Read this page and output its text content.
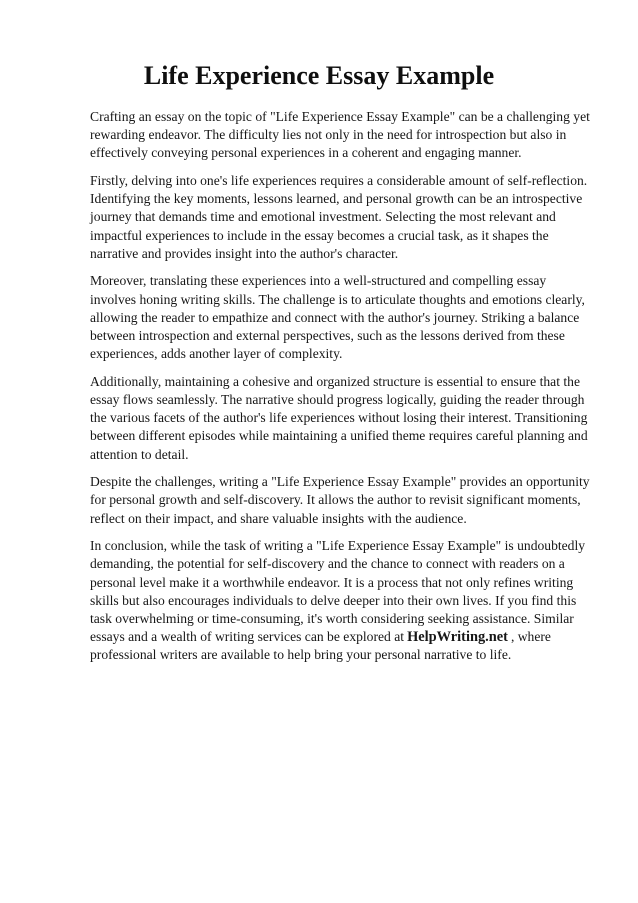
Life Experience Essay Example

Crafting an essay on the topic of "Life Experience Essay Example" can be a challenging yet rewarding endeavor. The difficulty lies not only in the need for introspection but also in effectively conveying personal experiences in a coherent and engaging manner.

Firstly, delving into one's life experiences requires a considerable amount of self-reflection. Identifying the key moments, lessons learned, and personal growth can be an introspective journey that demands time and emotional investment. Selecting the most relevant and impactful experiences to include in the essay becomes a crucial task, as it shapes the narrative and provides insight into the author's character.

Moreover, translating these experiences into a well-structured and compelling essay involves honing writing skills. The challenge is to articulate thoughts and emotions clearly, allowing the reader to empathize and connect with the author's journey. Striking a balance between introspection and external perspectives, such as the lessons derived from these experiences, adds another layer of complexity.

Additionally, maintaining a cohesive and organized structure is essential to ensure that the essay flows seamlessly. The narrative should progress logically, guiding the reader through the various facets of the author's life experiences without losing their interest. Transitioning between different episodes while maintaining a unified theme requires careful planning and attention to detail.

Despite the challenges, writing a "Life Experience Essay Example" provides an opportunity for personal growth and self-discovery. It allows the author to revisit significant moments, reflect on their impact, and share valuable insights with the audience.

In conclusion, while the task of writing a "Life Experience Essay Example" is undoubtedly demanding, the potential for self-discovery and the chance to connect with readers on a personal level make it a worthwhile endeavor. It is a process that not only refines writing skills but also encourages individuals to delve deeper into their own lives. If you find this task overwhelming or time-consuming, it's worth considering seeking assistance. Similar essays and a wealth of writing services can be explored at HelpWriting.net , where professional writers are available to help bring your personal narrative to life.
